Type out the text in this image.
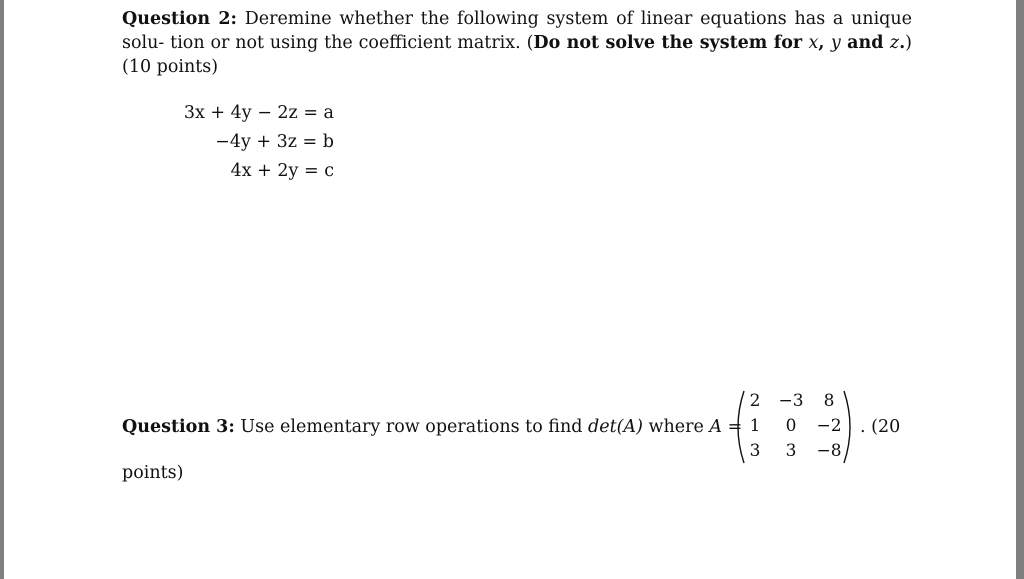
Question 2: Deremine whether the following system of linear equations has a unique solu- tion or not using the coefficient matrix. (Do not solve the system for x, y and z.) (10 points)
3x + 4y − 2z = a
−4y + 3z = b
4x + 2y = c
Question 3: Use elementary row operations to find det(A) where A =
2	−3	8
1	0	−2
3	3	−8
. (20
points)
